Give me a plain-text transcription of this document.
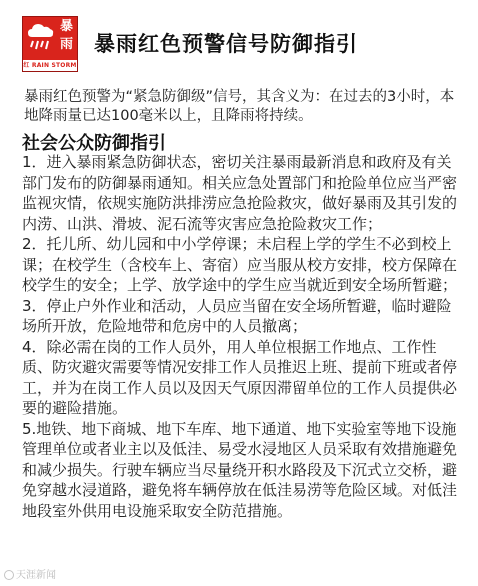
暴
雨
红 RAIN STORM
暴雨红色预警信号防御指引
暴雨红色预警为“紧急防御级”信号，其含义为：在过去的3小时，本地降雨量已达100毫米以上，且降雨将持续。
社会公众防御指引

1．进入暴雨紧急防御状态，密切关注暴雨最新消息和政府及有关部门发布的防御暴雨通知。相关应急处置部门和抢险单位应当严密监视灾情，依规实施防洪排涝应急抢险救灾，做好暴雨及其引发的内涝、山洪、滑坡、泥石流等灾害应急抢险救灾工作；

2．托儿所、幼儿园和中小学停课；未启程上学的学生不必到校上课；在校学生（含校车上、寄宿）应当服从校方安排，校方保障在校学生的安全；上学、放学途中的学生应当就近到安全场所暂避；

3．停止户外作业和活动，人员应当留在安全场所暂避，临时避险场所开放，危险地带和危房中的人员撤离；

4．除必需在岗的工作人员外，用人单位根据工作地点、工作性质、防灾避灾需要等情况安排工作人员推迟上班、提前下班或者停工，并为在岗工作人员以及因天气原因滞留单位的工作人员提供必要的避险措施。

5.地铁、地下商城、地下车库、地下通道、地下实验室等地下设施管理单位或者业主以及低洼、易受水浸地区人员采取有效措施避免和减少损失。行驶车辆应当尽量绕开积水路段及下沉式立交桥，避免穿越水浸道路，避免将车辆停放在低洼易涝等危险区域。对低洼地段室外供用电设施采取安全防范措施。

天涯新闻
